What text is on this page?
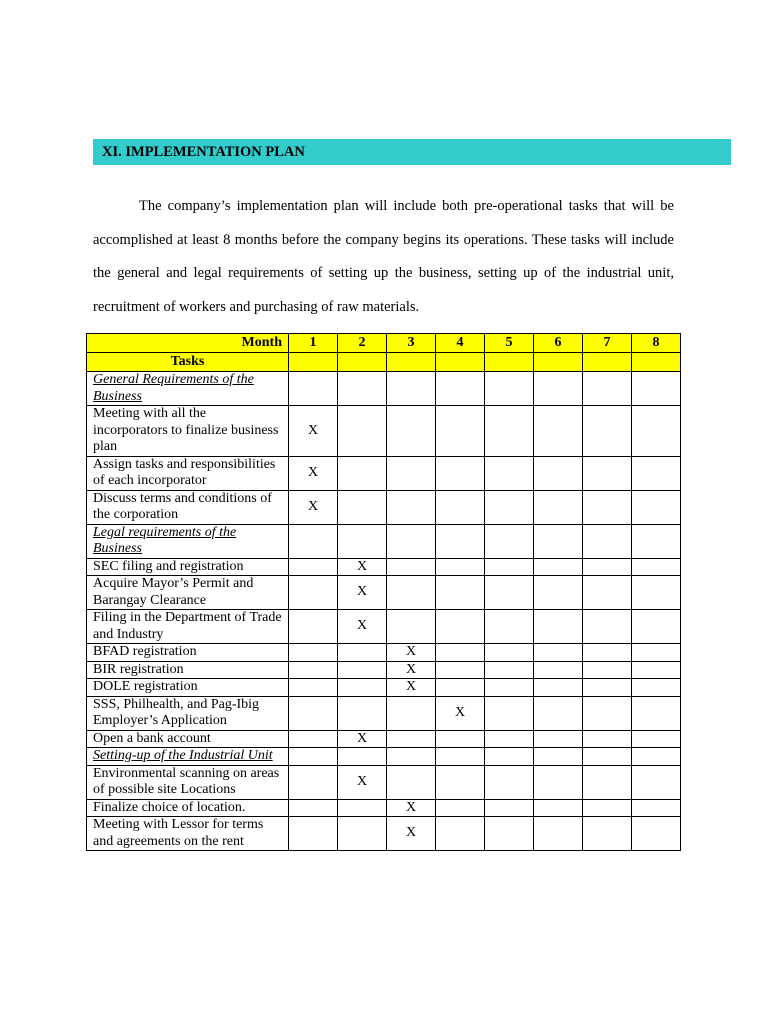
XI. IMPLEMENTATION PLAN

The company’s implementation plan will include both pre-operational tasks that will be accomplished at least 8 months before the company begins its operations. These tasks will include the general and legal requirements of setting up the business, setting up of the industrial unit, recruitment of workers and purchasing of raw materials.

Month	1	2	3	4	5	6	7	8
Tasks								
General Requirements of the Business								
Meeting with all the incorporators to finalize business plan	X							
Assign tasks and responsibilities of each incorporator	X							
Discuss terms and conditions of the corporation	X							
Legal requirements of the Business								
SEC filing and registration		X						
Acquire Mayor’s Permit and Barangay Clearance		X						
Filing in the Department of Trade and Industry		X						
BFAD registration			X					
BIR registration			X					
DOLE registration			X					
SSS, Philhealth, and Pag-Ibig Employer’s Application				X				
Open a bank account		X						
Setting-up of the Industrial Unit								
Environmental scanning on areas of possible site Locations		X						
Finalize choice of location.			X					
Meeting with Lessor for terms and agreements on the rent			X					
